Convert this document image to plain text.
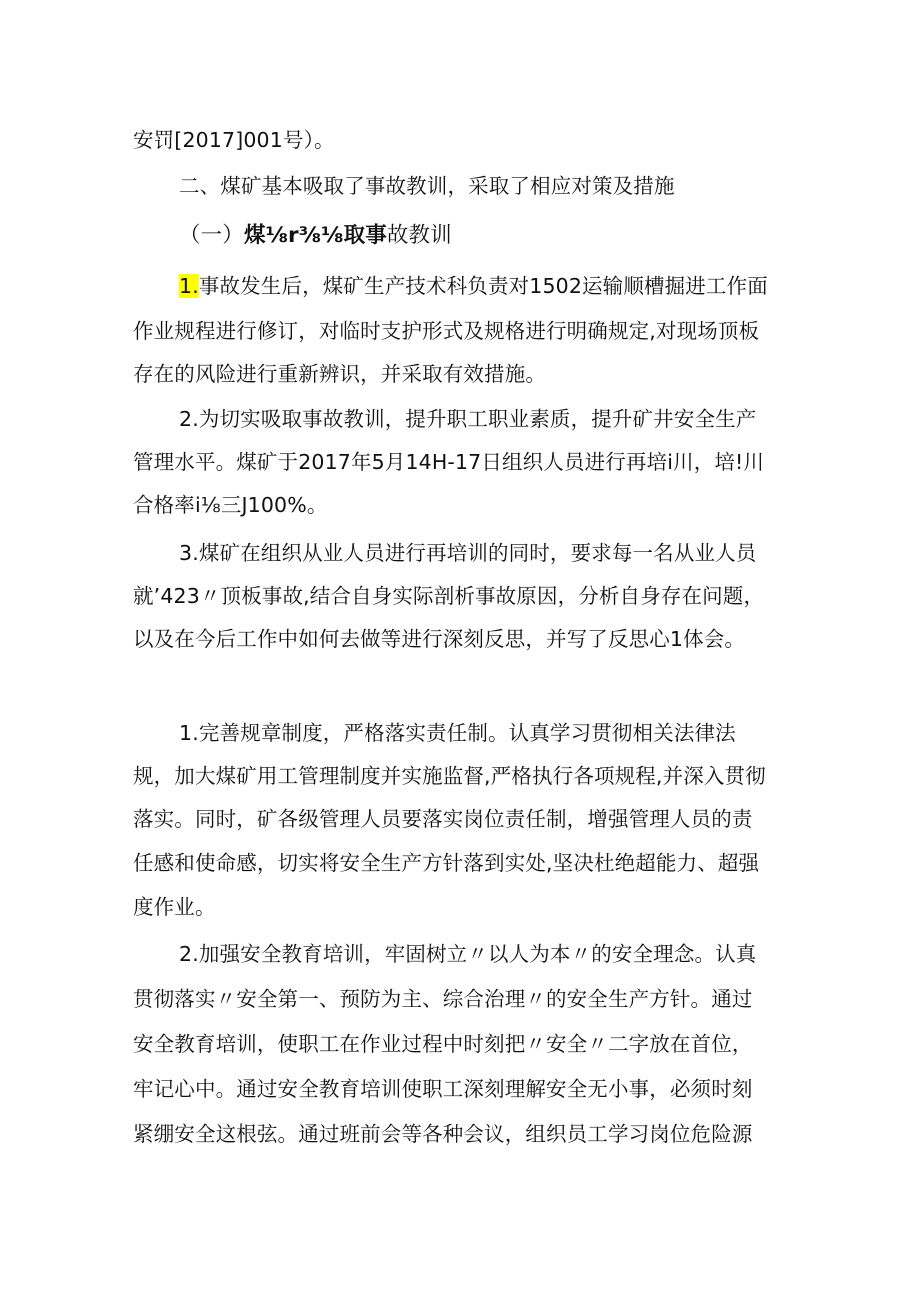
安罚[2017]001号）。
二、煤矿基本吸取了事故教训，采取了相应对策及措施
（一）煤⅛r⅜⅛取事故教训
1.事故发生后，煤矿生产技术科负责对1502运输顺槽掘进工作面
作业规程进行修订，对临时支护形式及规格进行明确规定,对现场顶板
存在的风险进行重新辨识，并采取有效措施。
2.为切实吸取事故教训，提升职工职业素质，提升矿井安全生产
管理水平。煤矿于2017年5月14H-17日组织人员进行再培i川，培!川
合格率i⅛三J100%。
3.煤矿在组织从业人员进行再培训的同时，要求每一名从业人员
就’423〃顶板事故,结合自身实际剖析事故原因，分析自身存在问题，
以及在今后工作中如何去做等进行深刻反思，并写了反思心1体会。
1.完善规章制度，严格落实责任制。认真学习贯彻相关法律法
规，加大煤矿用工管理制度并实施监督,严格执行各项规程,并深入贯彻
落实。同时，矿各级管理人员要落实岗位责任制，增强管理人员的责
任感和使命感，切实将安全生产方针落到实处,坚决杜绝超能力、超强
度作业。
2.加强安全教育培训，牢固树立〃以人为本〃的安全理念。认真
贯彻落实〃安全第一、预防为主、综合治理〃的安全生产方针。通过
安全教育培训，使职工在作业过程中时刻把〃安全〃二字放在首位，
牢记心中。通过安全教育培训使职工深刻理解安全无小事，必须时刻
紧绷安全这根弦。通过班前会等各种会议，组织员工学习岗位危险源
